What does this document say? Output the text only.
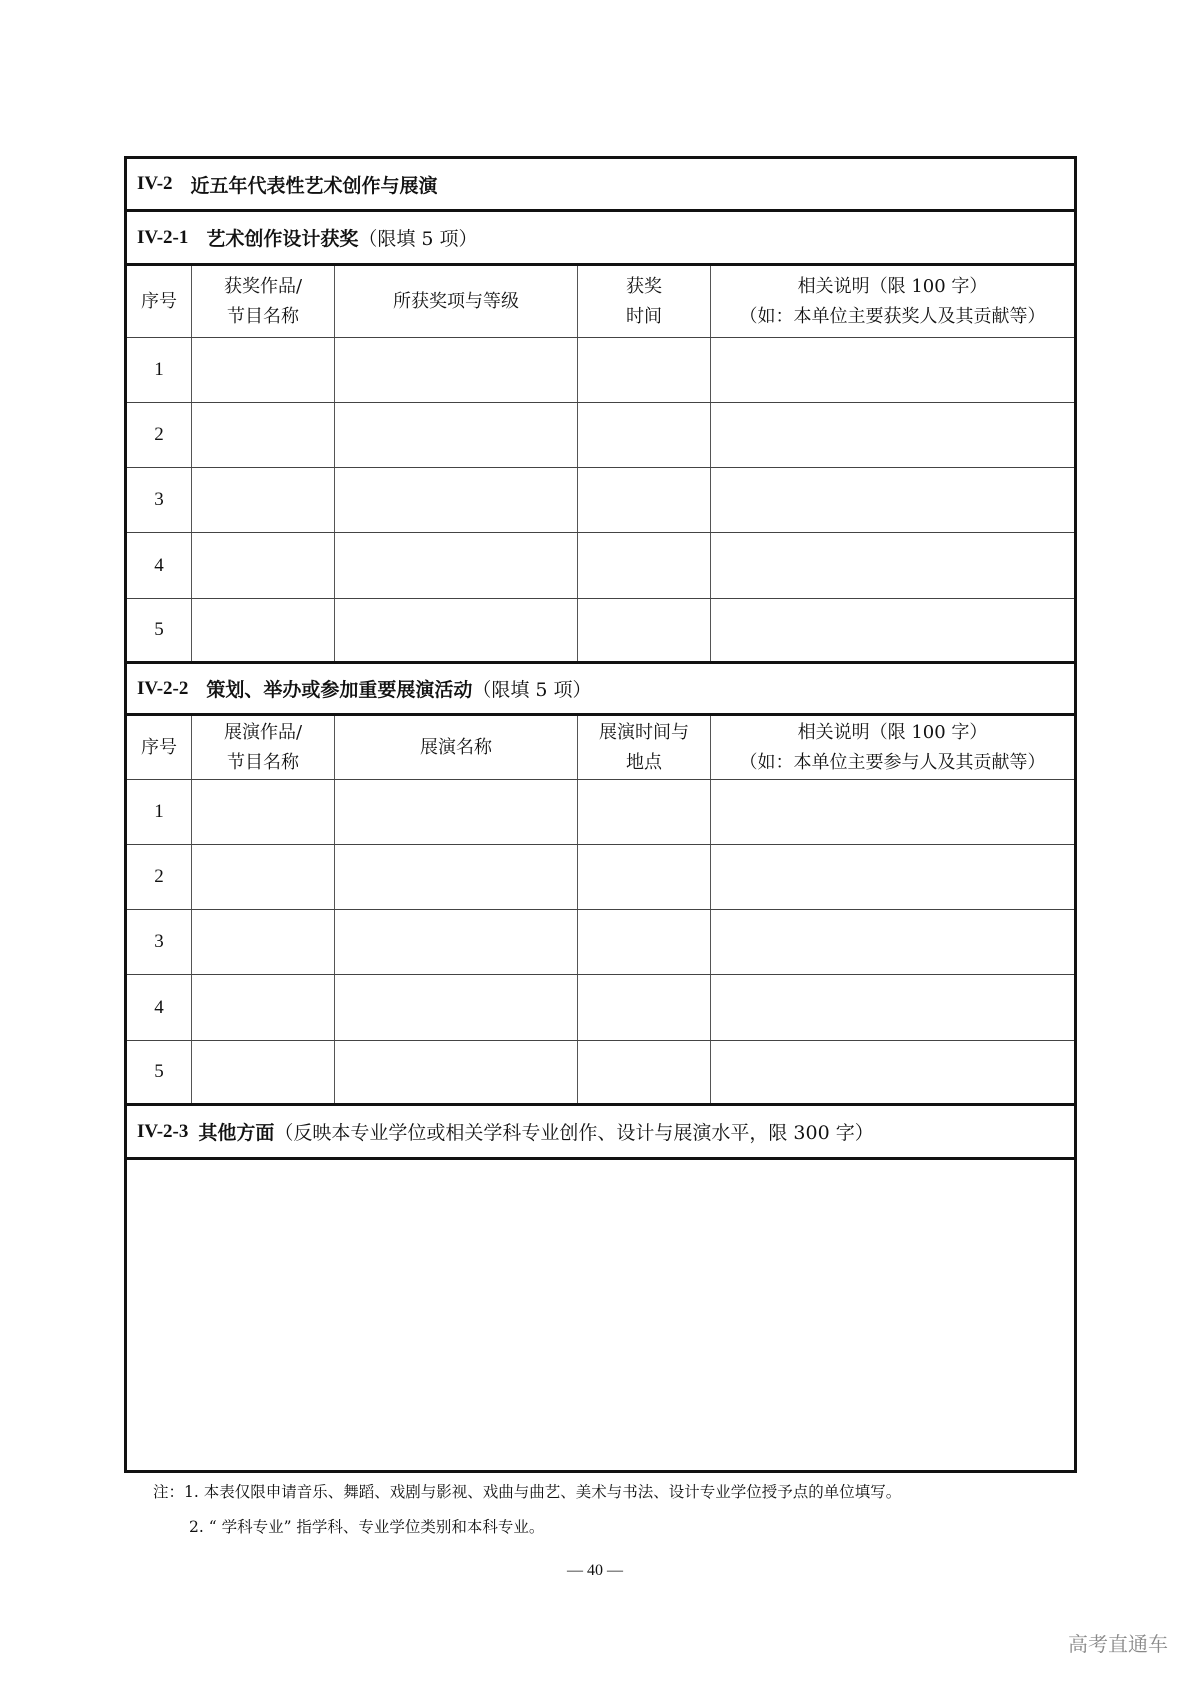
IV-2 近五年代表性艺术创作与展演
IV-2-1 艺术创作设计获奖 （限填 5 项）
序号
获奖作品/
节目名称
所获奖项与等级
获奖
时间
相关说明（限 100 字）
（如：本单位主要获奖人及其贡献等）
1
2
3
4
5
IV-2-2 策划、举办或参加重要展演活动 （限填 5 项）
序号
展演作品/
节目名称
展演名称
展演时间与
地点
相关说明（限 100 字）
（如：本单位主要参与人及其贡献等）
1
2
3
4
5
IV-2-3 其他方面 （反映本专业学位或相关学科专业创作、设计与展演水平，限 300 字）
注：1. 本表仅限申请音乐、舞蹈、戏剧与影视、戏曲与曲艺、美术与书法、设计专业学位授予点的单位填写。
2. “ 学科专业” 指学科、专业学位类别和本科专业。
— 40 —
高考直通车
